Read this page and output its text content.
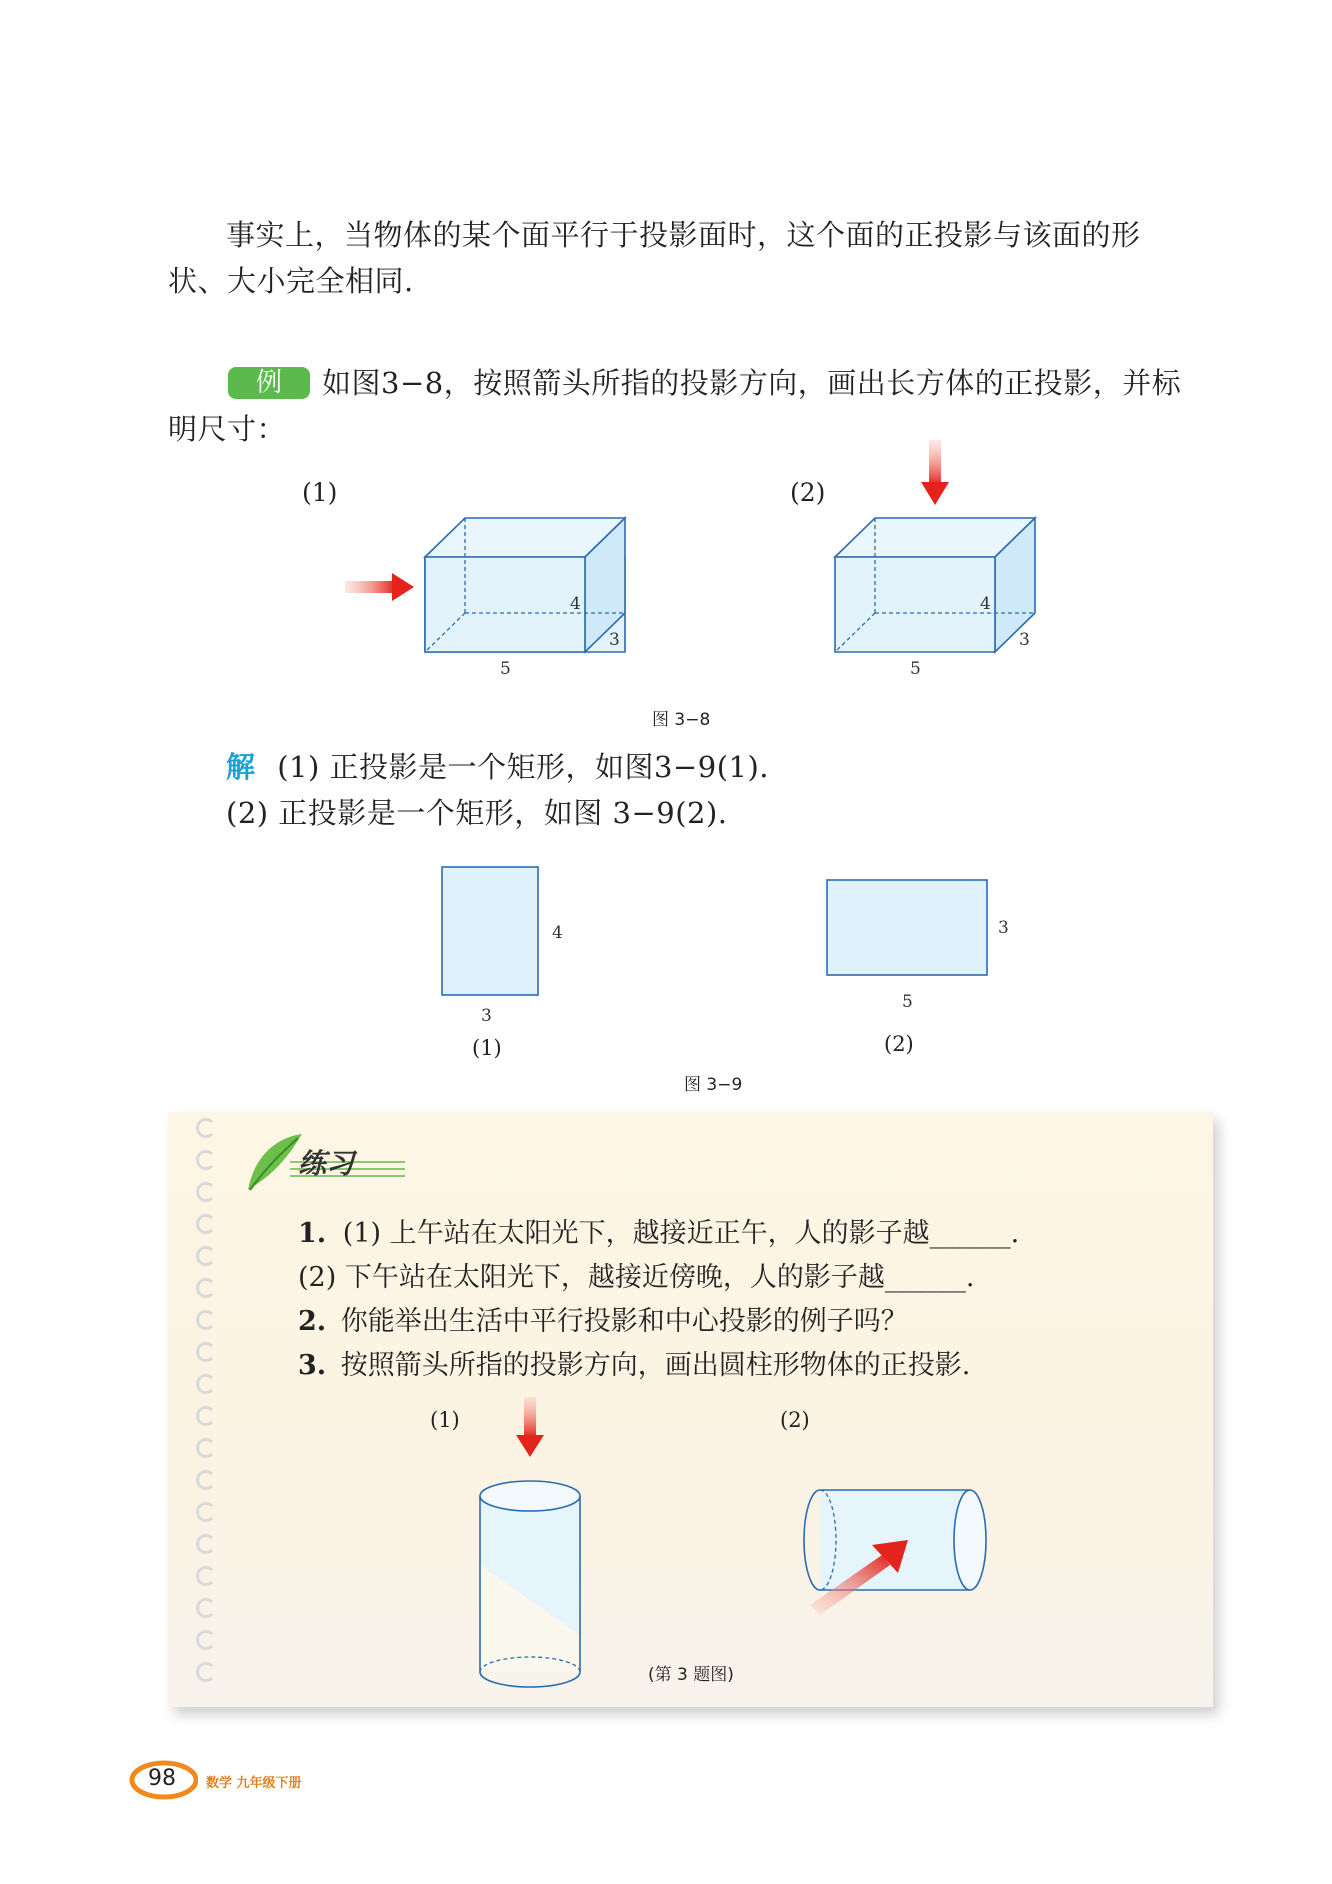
事实上，当物体的某个面平行于投影面时，这个面的正投影与该面的形
状、大小完全相同.
例	如图3−8，按照箭头所指的投影方向，画出长方体的正投影，并标
明尺寸：
(1)	(2)
4
3
5
4
3
5
图 3−8
解 (1) 正投影是一个矩形，如图3−9(1).
(2) 正投影是一个矩形，如图 3−9(2).
4
3
(1)
3
5
(2)
图 3−9
练习
1. (1) 上午站在太阳光下，越接近正午，人的影子越______.
(2) 下午站在太阳光下，越接近傍晚，人的影子越______.
2. 你能举出生活中平行投影和中心投影的例子吗？
3. 按照箭头所指的投影方向，画出圆柱形物体的正投影.
(1)	(2)
(第 3 题图)
98 数学 九年级下册
